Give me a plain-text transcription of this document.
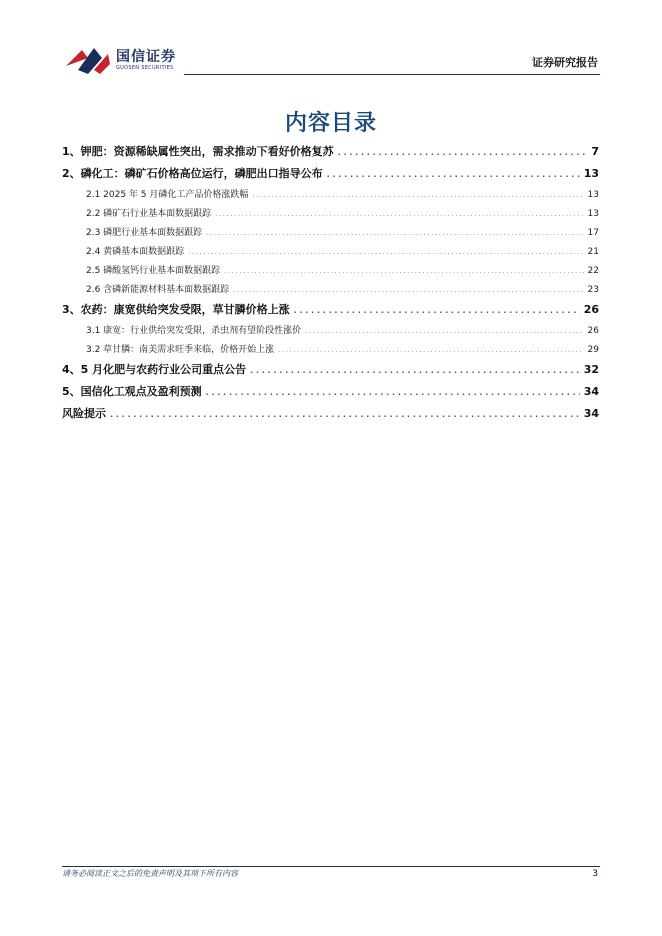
国信证券
GUOSEN SECURITIES	证券研究报告
内容目录
1、钾肥：资源稀缺属性突出，需求推动下看好价格复苏 . . .	7
2、磷化工：磷矿石价格高位运行，磷肥出口指导公布 . . .	13
2.1 2025 年 5 月磷化工产品价格涨跌幅 . . .	13
2.2 磷矿石行业基本面数据跟踪 . . .	13
2.3 磷肥行业基本面数据跟踪 . . .	17
2.4 黄磷基本面数据跟踪 . . .	21
2.5 磷酸氢钙行业基本面数据跟踪 . . .	22
2.6 含磷新能源材料基本面数据跟踪 . . .	23
3、农药：康宽供给突发受限，草甘膦价格上涨 . . .	26
3.1 康宽：行业供给突发受限，杀虫剂有望阶段性涨价 . . .	26
3.2 草甘膦：南美需求旺季来临，价格开始上涨 . . .	29
4、5 月化肥与农药行业公司重点公告 . . .	32
5、国信化工观点及盈利预测 . . .	34
风险提示 . . .	34
请务必阅读正文之后的免责声明及其项下所有内容	3
